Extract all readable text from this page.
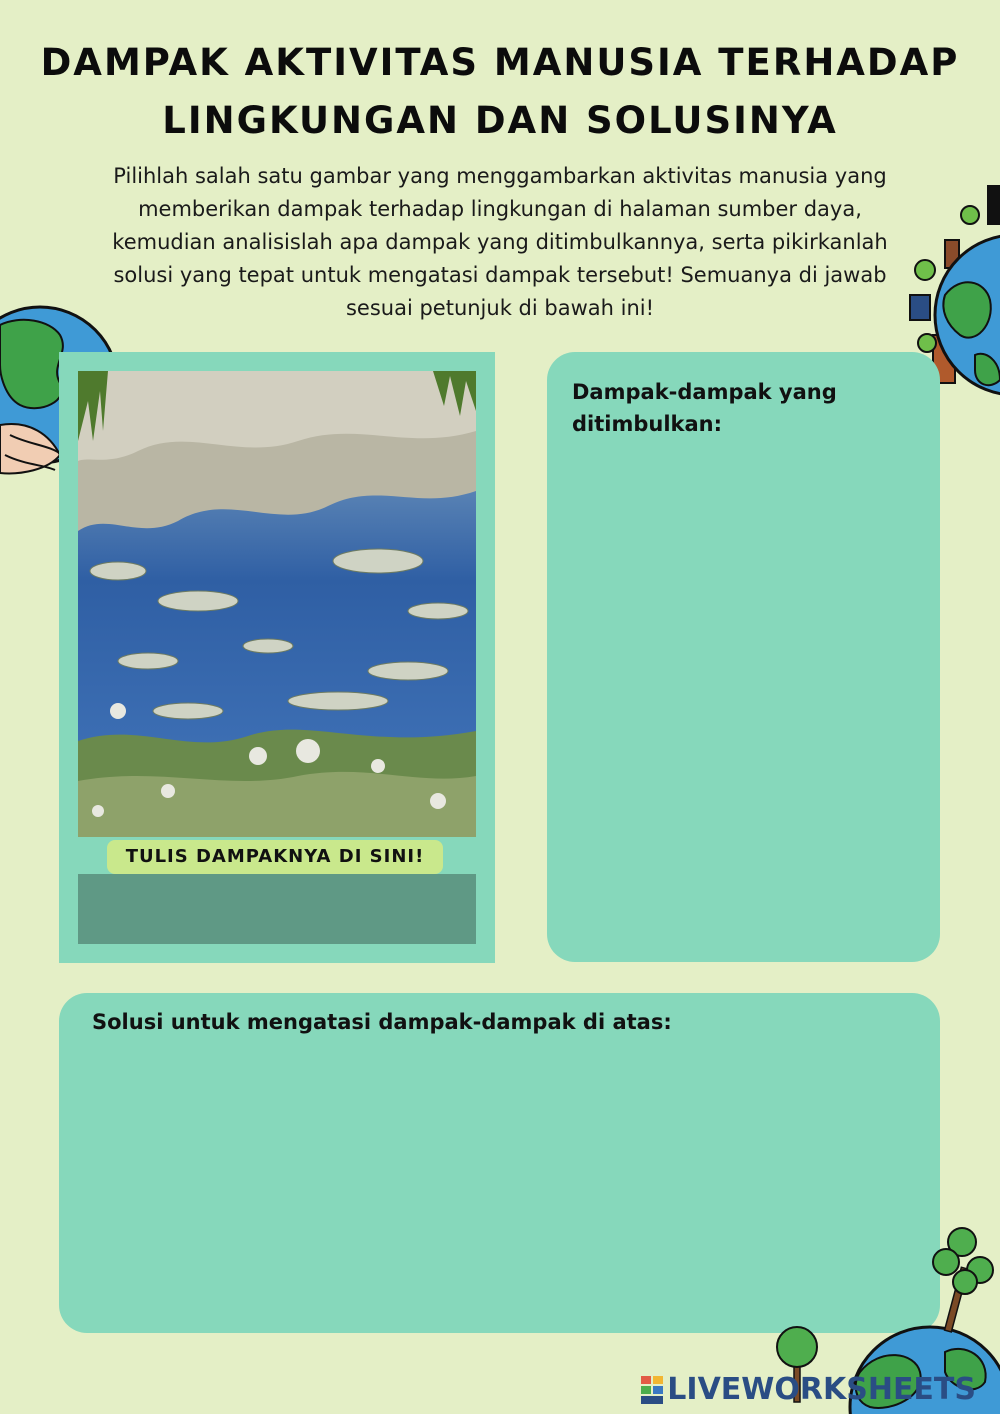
DAMPAK AKTIVITAS MANUSIA TERHADAP LINGKUNGAN DAN SOLUSINYA

Pilihlah salah satu gambar yang menggambarkan aktivitas manusia yang memberikan dampak terhadap lingkungan di halaman sumber daya, kemudian analisislah apa dampak yang ditimbulkannya, serta pikirkanlah solusi yang tepat untuk mengatasi dampak tersebut! Semuanya di jawab sesuai petunjuk di bawah ini!

TULIS DAMPAKNYA DI SINI!
Dampak-dampak yang ditimbulkan:
Solusi untuk mengatasi dampak-dampak di atas:
LIVEWORKSHEETS
